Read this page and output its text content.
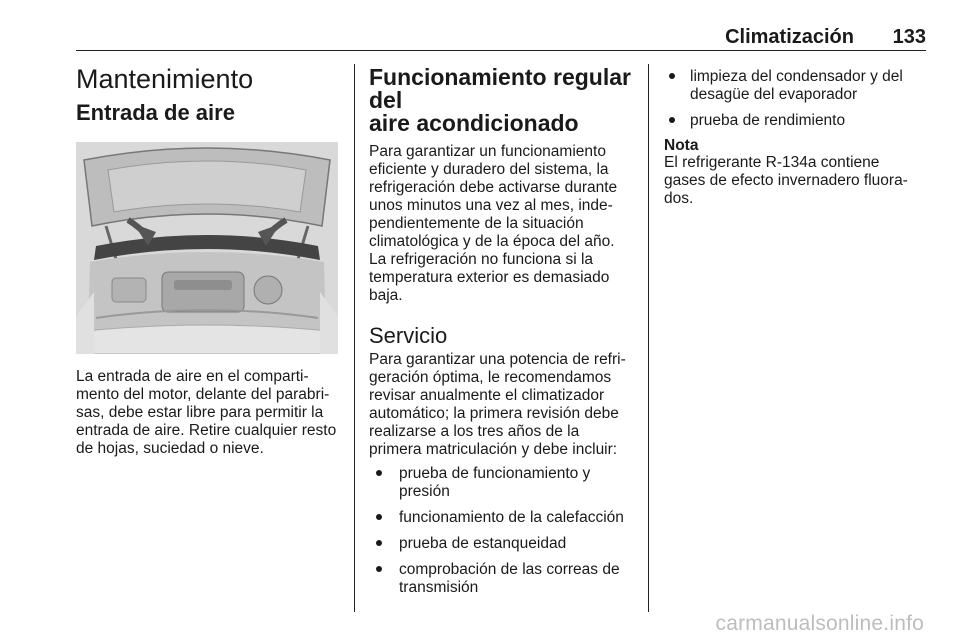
Climatización 133
Mantenimiento
Entrada de aire

La entrada de aire en el comparti-
mento del motor, delante del parabri-
sas, debe estar libre para permitir la
entrada de aire. Retire cualquier resto
de hojas, suciedad o nieve.

Funcionamiento regular del
aire acondicionado

Para garantizar un funcionamiento
eficiente y duradero del sistema, la
refrigeración debe activarse durante
unos minutos una vez al mes, inde-
pendientemente de la situación
climatológica y de la época del año.
La refrigeración no funciona si la
temperatura exterior es demasiado
baja.

Servicio

Para garantizar una potencia de refri-
geración óptima, le recomendamos
revisar anualmente el climatizador
automático; la primera revisión debe
realizarse a los tres años de la
primera matriculación y debe incluir:

prueba de funcionamiento y
presión
funcionamiento de la calefacción
prueba de estanqueidad
comprobación de las correas de
transmisión
limpieza del condensador y del
desagüe del evaporador
prueba de rendimiento
Nota

El refrigerante R-134a contiene
gases de efecto invernadero fluora-
dos.

carmanualsonline.info
